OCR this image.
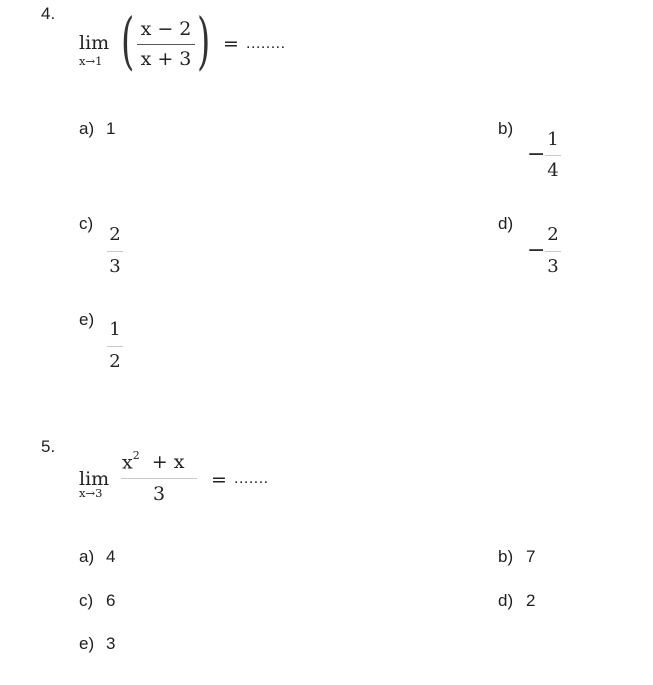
4.
lim
x→1 ( x − 2
x + 3 ) = ........
a) 1	b)
−
1
4
c)
2
3
d)
−
2
3
e) 1
2
5.
lim
x→3
$x^2 + x$
3
= .......
a) 4	b) 7
c) 6	d) 2
e) 3
